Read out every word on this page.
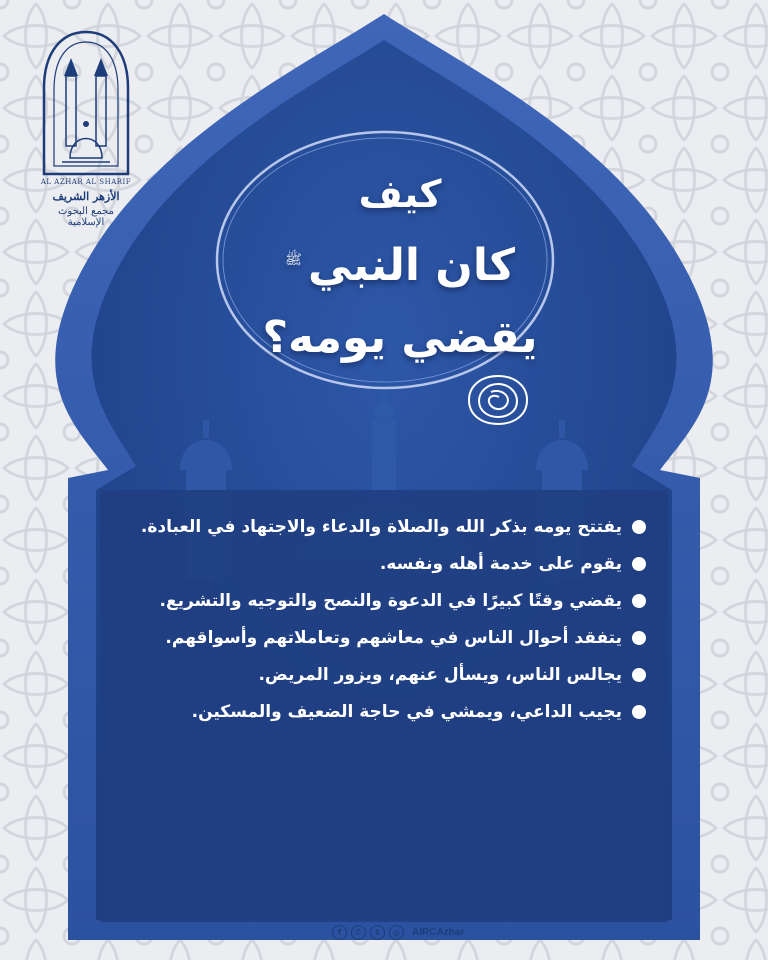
AL AZHAR AL SHARIF
الأزهر الشريف
مجمع البحوث الإسلامية
كيف
كان النبي$^ﷺ$
يقضي يومه؟
يفتتح يومه بذكر الله والصلاة والدعاء والاجتهاد في العبادة.
يقوم على خدمة أهله ونفسه.
يقضي وقتًا كبيرًا في الدعوة والنصح والتوجيه والتشريع.
يتفقد أحوال الناس في معاشهم وتعاملاتهم وأسواقهم.
يجالس الناس، ويسأل عنهم، ويزور المريض.
يجيب الداعي، ويمشي في حاجة الضعيف والمسكين.
f	✆	t	◎	AIRCAzhar
